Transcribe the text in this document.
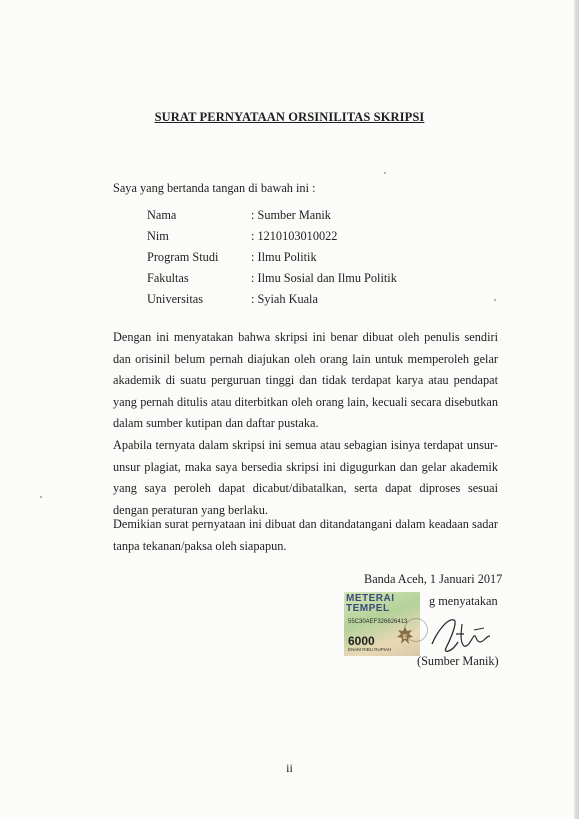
SURAT PERNYATAAN ORSINILITAS SKRIPSI
Saya yang bertanda tangan di bawah ini :
Nama	: Sumber Manik
Nim	: 1210103010022
Program Studi	: Ilmu Politik
Fakultas	: Ilmu Sosial dan Ilmu Politik
Universitas	: Syiah Kuala
Dengan ini menyatakan bahwa skripsi ini benar dibuat oleh penulis sendiri dan orisinil belum pernah diajukan oleh orang lain untuk memperoleh gelar akademik di suatu perguruan tinggi dan tidak terdapat karya atau pendapat yang pernah ditulis atau diterbitkan oleh orang lain, kecuali secara disebutkan dalam sumber kutipan dan daftar pustaka.
Apabila ternyata dalam skripsi ini semua atau sebagian isinya terdapat unsur-unsur plagiat, maka saya bersedia skripsi ini digugurkan dan gelar akademik yang saya peroleh dapat dicabut/dibatalkan, serta dapat diproses sesuai dengan peraturan yang berlaku.
Demikian surat pernyataan ini dibuat dan ditandatangani dalam keadaan sadar tanpa tekanan/paksa oleh siapapun.
Banda Aceh, 1 Januari 2017
METERAI
TEMPEL
55C30AEF326626413
6000
ENAM RIBU RUPIAH
g menyatakan
(Sumber Manik)
ii
